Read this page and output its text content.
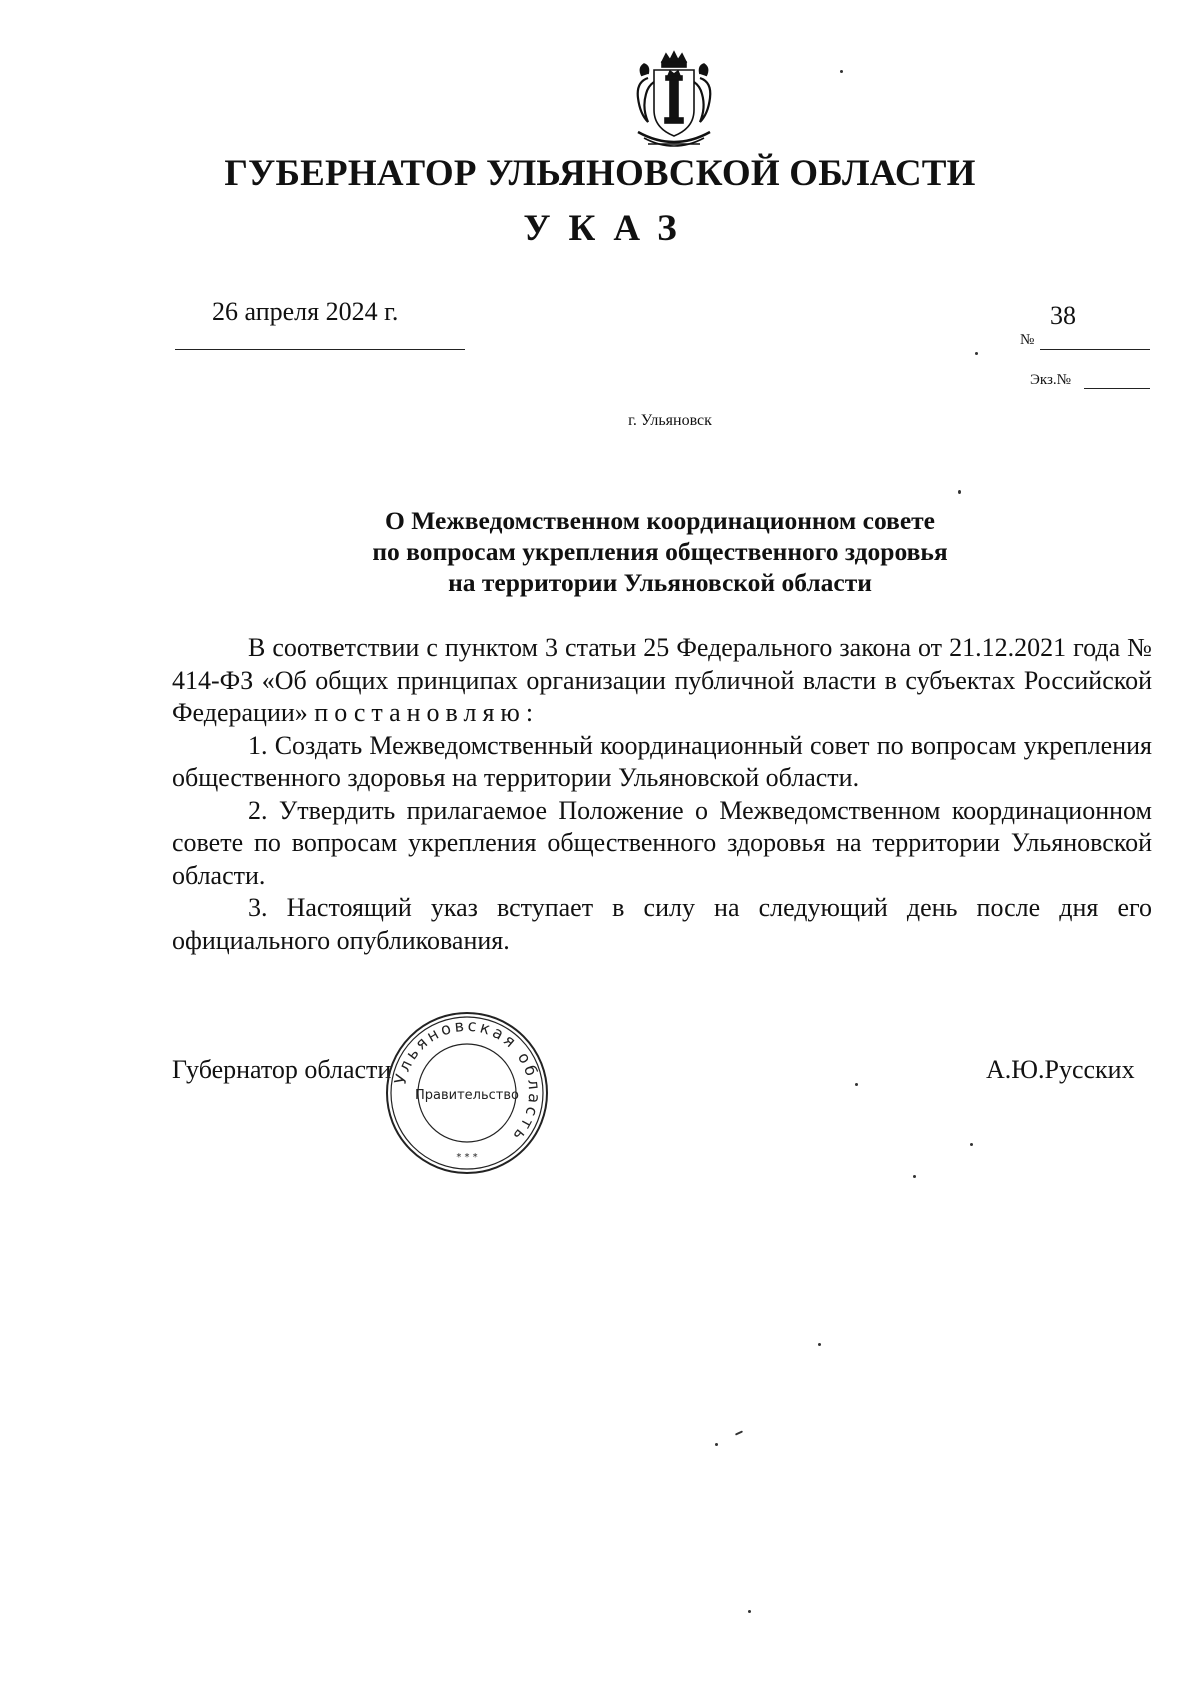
ГУБЕРНАТОР УЛЬЯНОВСКОЙ ОБЛАСТИ
УКАЗ
26 апреля 2024 г.	38
№
Экз.№
г. Ульяновск
О Межведомственном координационном совете
по вопросам укрепления общественного здоровья
на территории Ульяновской области

В соответствии с пунктом 3 статьи 25 Федерального закона от 21.12.2021 года № 414-ФЗ «Об общих принципах организации публичной власти в субъектах Российской Федерации» постановляю:

1. Создать Межведомственный координационный совет по вопросам укрепления общественного здоровья на территории Ульяновской области.

2. Утвердить прилагаемое Положение о Межведомственном координационном совете по вопросам укрепления общественного здоровья на территории Ульяновской области.

3. Настоящий указ вступает в силу на следующий день после дня его официального опубликования.

Губернатор области	А.Ю.Русских
Ульяновская область
Правительство
* * *
